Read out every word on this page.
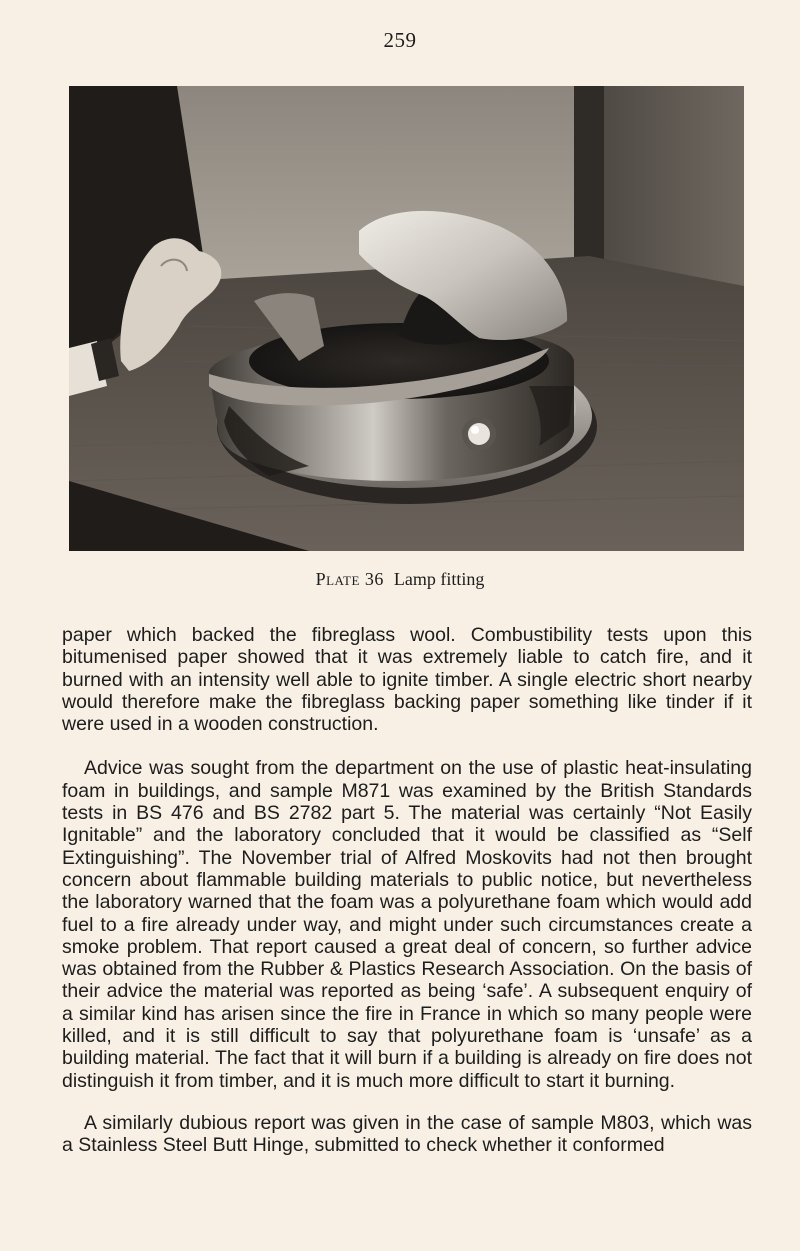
259
Plate 36 Lamp fitting

paper which backed the fibreglass wool. Combustibility tests upon this bitumenised paper showed that it was extremely liable to catch fire, and it burned with an intensity well able to ignite timber. A single electric short nearby would therefore make the fibreglass backing paper something like tinder if it were used in a wooden construction.

Advice was sought from the department on the use of plastic heat-insulating foam in buildings, and sample M871 was examined by the British Standards tests in BS 476 and BS 2782 part 5. The material was certainly “Not Easily Ignitable” and the laboratory concluded that it would be classified as “Self Extinguishing”. The November trial of Alfred Moskovits had not then brought concern about flammable building materials to public notice, but nevertheless the laboratory warned that the foam was a polyurethane foam which would add fuel to a fire already under way, and might under such circumstances create a smoke problem. That report caused a great deal of concern, so further advice was obtained from the Rubber & Plastics Research Association. On the basis of their advice the material was reported as being ‘safe’. A subsequent enquiry of a similar kind has arisen since the fire in France in which so many people were killed, and it is still difficult to say that polyurethane foam is ‘unsafe’ as a building material. The fact that it will burn if a building is already on fire does not distinguish it from timber, and it is much more difficult to start it burning.

A similarly dubious report was given in the case of sample M803, which was a Stainless Steel Butt Hinge, submitted to check whether it conformed
